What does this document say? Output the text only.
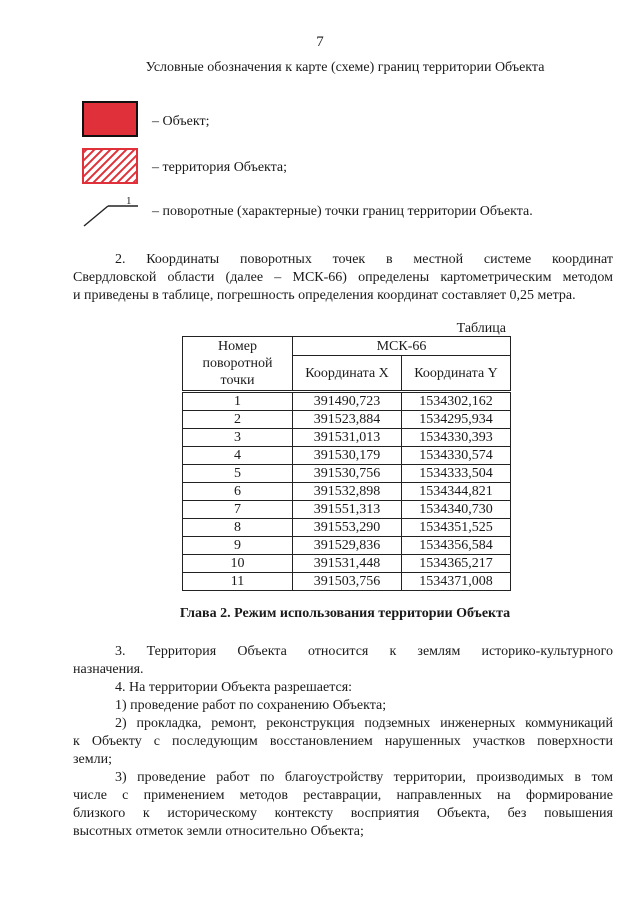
7
Условные обозначения к карте (схеме) границ территории Объекта
– Объект;
– территория Объекта;
1
– поворотные (характерные) точки границ территории Объекта.
2. Координаты поворотных точек в местной системе координат
Свердловской области (далее – МСК-66) определены картометрическим методом
и приведены в таблице, погрешность определения координат составляет 0,25 метра.
Таблица
Номер поворотной точки	МСК-66	
	Координата X	Координата Y
1	391490,723	1534302,162
2	391523,884	1534295,934
3	391531,013	1534330,393
4	391530,179	1534330,574
5	391530,756	1534333,504
6	391532,898	1534344,821
7	391551,313	1534340,730
8	391553,290	1534351,525
9	391529,836	1534356,584
10	391531,448	1534365,217
11	391503,756	1534371,008
Глава 2. Режим использования территории Объекта
3. Территория Объекта относится к землям историко-культурного
назначения.
4. На территории Объекта разрешается:
1) проведение работ по сохранению Объекта;
2) прокладка, ремонт, реконструкция подземных инженерных коммуникаций
к Объекту с последующим восстановлением нарушенных участков поверхности
земли;
3) проведение работ по благоустройству территории, производимых в том
числе с применением методов реставрации, направленных на формирование
близкого к историческому контексту восприятия Объекта, без повышения
высотных отметок земли относительно Объекта;
